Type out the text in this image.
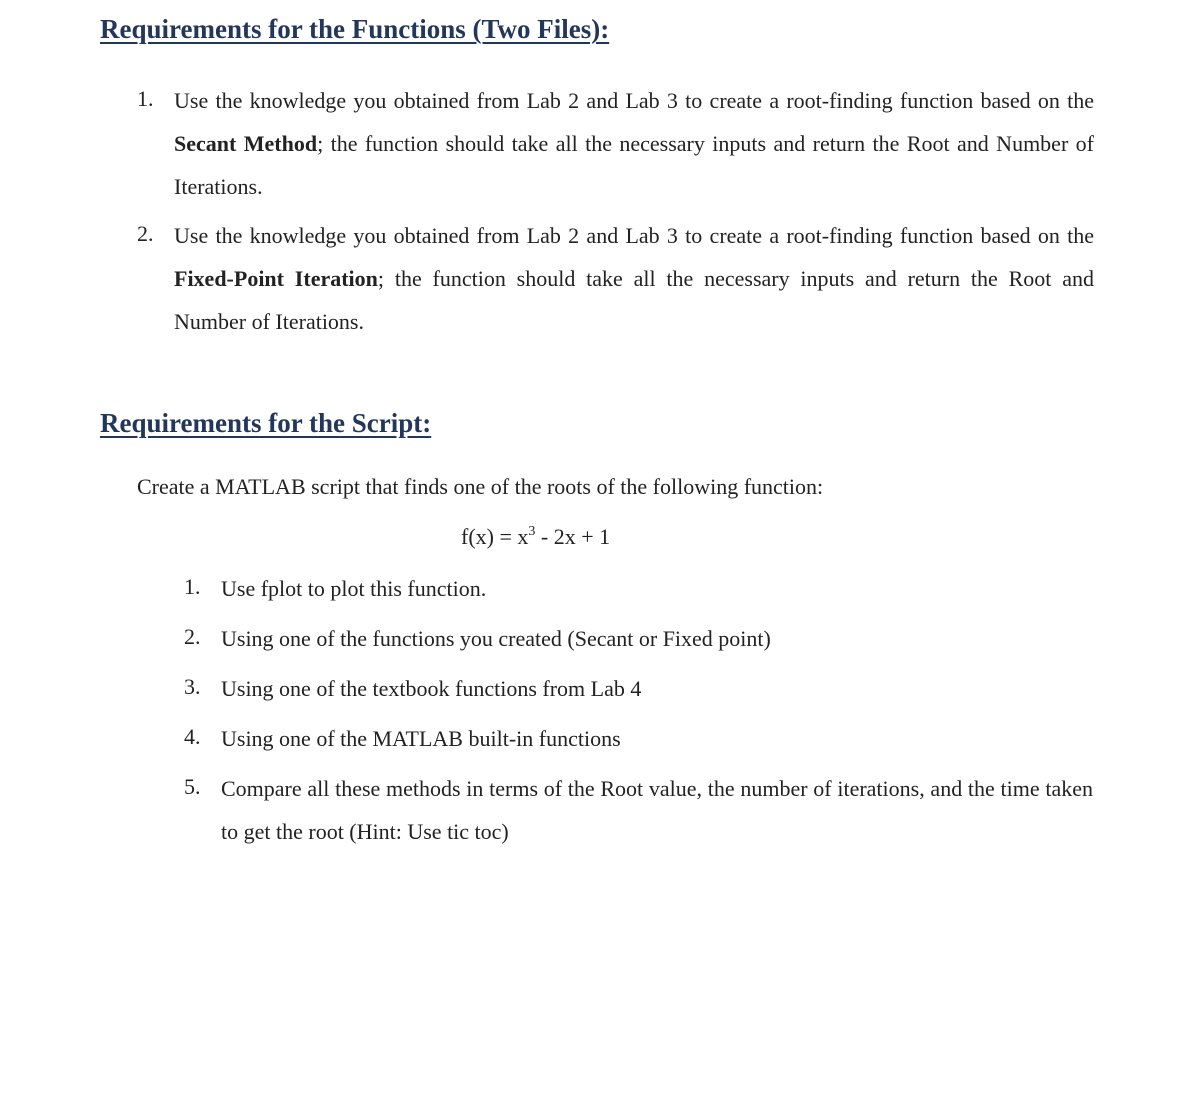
Requirements for the Functions (Two Files):
1. Use the knowledge you obtained from Lab 2 and Lab 3 to create a root-finding function based on the Secant Method; the function should take all the necessary inputs and return the Root and Number of Iterations.
2. Use the knowledge you obtained from Lab 2 and Lab 3 to create a root-finding function based on the Fixed-Point Iteration; the function should take all the necessary inputs and return the Root and Number of Iterations.
Requirements for the Script:
Create a MATLAB script that finds one of the roots of the following function:
$f(x) = x^3 - 2x + 1$
1. Use fplot to plot this function.
2. Using one of the functions you created (Secant or Fixed point)
3. Using one of the textbook functions from Lab 4
4. Using one of the MATLAB built-in functions
5. Compare all these methods in terms of the Root value, the number of iterations, and the time taken to get the root (Hint: Use tic toc)
